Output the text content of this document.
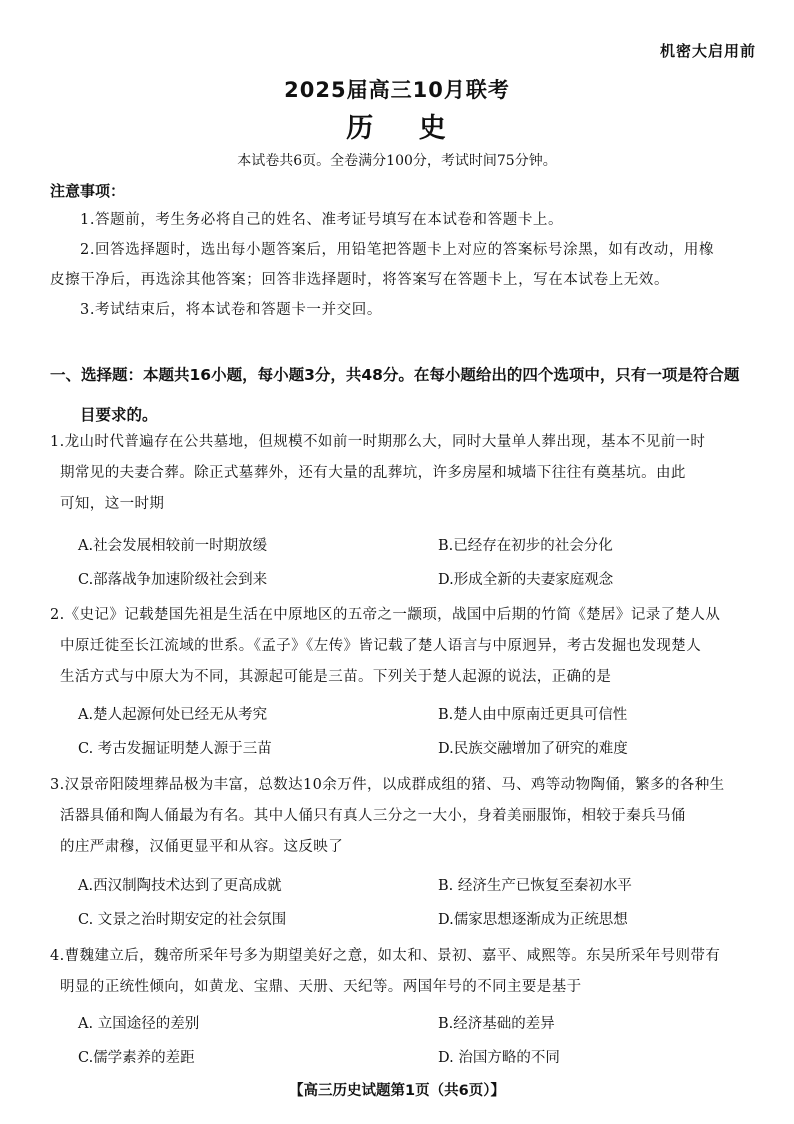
机密大启用前
2025届高三10月联考
历 史
本试卷共6页。全卷满分100分，考试时间75分钟。
注意事项：
1.答题前，考生务必将自己的姓名、准考证号填写在本试卷和答题卡上。
2.回答选择题时，选出每小题答案后，用铅笔把答题卡上对应的答案标号涂黑，如有改动，用橡
皮擦干净后，再选涂其他答案；回答非选择题时，将答案写在答题卡上，写在本试卷上无效。
3.考试结束后，将本试卷和答题卡一并交回。
一、选择题：本题共16小题，每小题3分，共48分。在每小题给出的四个选项中，只有一项是符合题
目要求的。
1.龙山时代普遍存在公共墓地，但规模不如前一时期那么大，同时大量单人葬出现，基本不见前一时
期常见的夫妻合葬。除正式墓葬外，还有大量的乱葬坑，许多房屋和城墙下往往有奠基坑。由此
可知，这一时期
A.社会发展相较前一时期放缓	B.已经存在初步的社会分化
C.部落战争加速阶级社会到来	D.形成全新的夫妻家庭观念
2.《史记》记载楚国先祖是生活在中原地区的五帝之一颛顼，战国中后期的竹简《楚居》记录了楚人从
中原迁徙至长江流域的世系。《孟子》《左传》皆记载了楚人语言与中原迥异，考古发掘也发现楚人
生活方式与中原大为不同，其源起可能是三苗。下列关于楚人起源的说法，正确的是
A.楚人起源何处已经无从考究	B.楚人由中原南迁更具可信性
C. 考古发掘证明楚人源于三苗	D.民族交融增加了研究的难度
3.汉景帝阳陵埋葬品极为丰富，总数达10余万件，以成群成组的猪、马、鸡等动物陶俑，繁多的各种生
活器具俑和陶人俑最为有名。其中人俑只有真人三分之一大小，身着美丽服饰，相较于秦兵马俑
的庄严肃穆，汉俑更显平和从容。这反映了
A.西汉制陶技术达到了更高成就	B. 经济生产已恢复至秦初水平
C. 文景之治时期安定的社会氛围	D.儒家思想逐渐成为正统思想
4.曹魏建立后，魏帝所采年号多为期望美好之意，如太和、景初、嘉平、咸熙等。东吴所采年号则带有
明显的正统性倾向，如黄龙、宝鼎、天册、天纪等。两国年号的不同主要是基于
A. 立国途径的差别	B.经济基础的差异
C.儒学素养的差距	D. 治国方略的不同
【高三历史试题第1页（共6页）】
